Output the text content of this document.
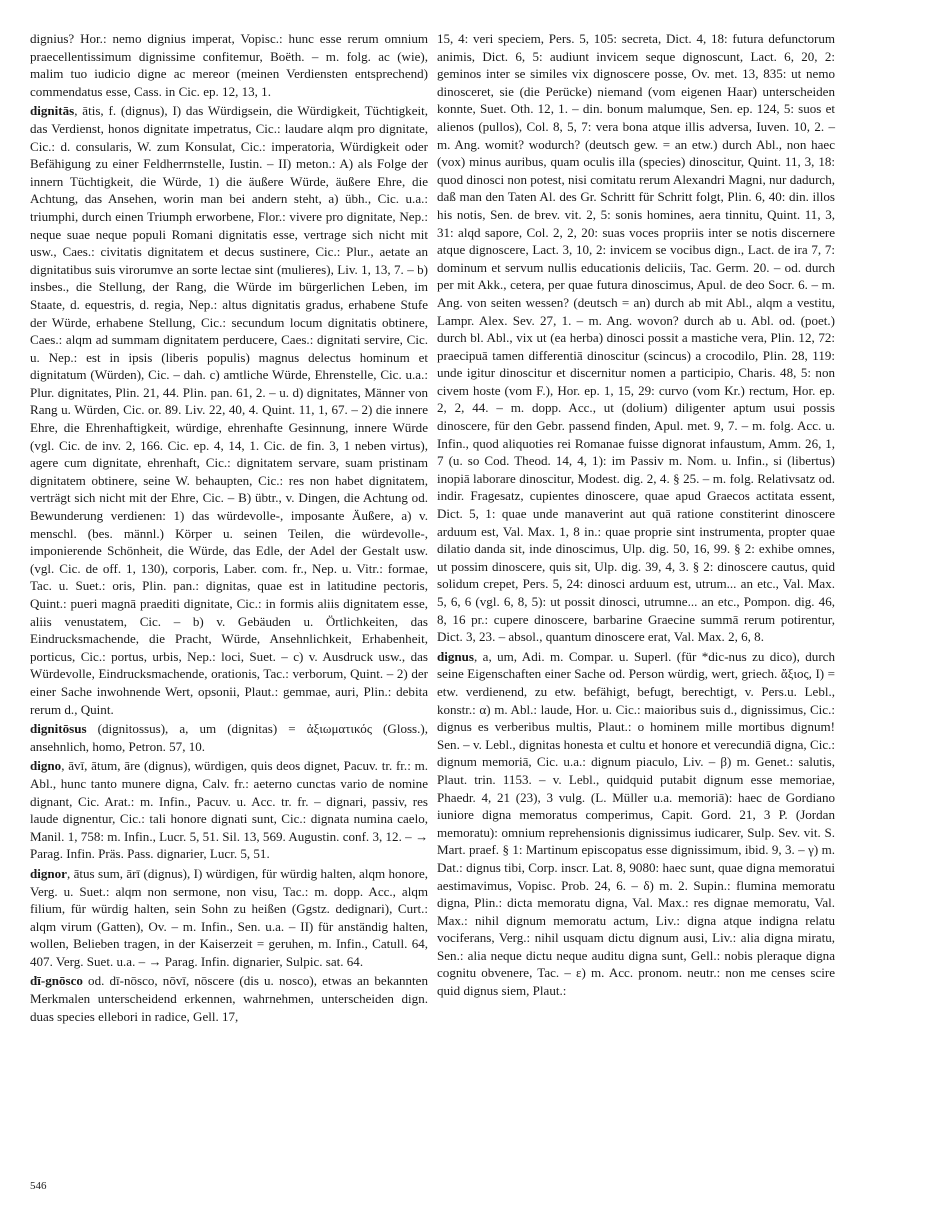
dignius? Hor.: nemo dignius imperat, Vopisc.: hunc esse rerum omnium praecellentissimum dignissime confitemur, Boëth. – m. folg. ac (wie), malim tuo iudicio digne ac mereor (meinen Verdiensten entsprechend) commendatus esse, Cass. in Cic. ep. 12, 13, 1.

dignitās, ātis, f. (dignus), I) das Würdigsein, die Würdigkeit, Tüchtigkeit, das Verdienst, honos dignitate impetratus, Cic.: laudare alqm pro dignitate, Cic.: d. consularis, W. zum Konsulat, Cic.: imperatoria, Würdigkeit oder Befähigung zu einer Feldherrnstelle, Iustin. – II) meton.: A) als Folge der innern Tüchtigkeit, die Würde, 1) die äußere Würde, äußere Ehre, die Achtung, das Ansehen, worin man bei andern steht, a) übh., Cic. u.a.: triumphi, durch einen Triumph erworbene, Flor.: vivere pro dignitate, Nep.: neque suae neque populi Romani dignitatis esse, vertrage sich nicht mit usw., Caes.: civitatis dignitatem et decus sustinere, Cic.: Plur., aetate an dignitatibus suis virorumve an sorte lectae sint (mulieres), Liv. 1, 13, 7. – b) insbes., die Stellung, der Rang, die Würde im bürgerlichen Leben, im Staate, d. equestris, d. regia, Nep.: altus dignitatis gradus, erhabene Stufe der Würde, erhabene Stellung, Cic.: secundum locum dignitatis obtinere, Caes.: alqm ad summam dignitatem perducere, Caes.: dignitati servire, Cic. u. Nep.: est in ipsis (liberis populis) magnus delectus hominum et dignitatum (Würden), Cic. – dah. c) amtliche Würde, Ehrenstelle, Cic. u.a.: Plur. dignitates, Plin. 21, 44. Plin. pan. 61, 2. – u. d) dignitates, Männer von Rang u. Würden, Cic. or. 89. Liv. 22, 40, 4. Quint. 11, 1, 67. – 2) die innere Ehre, die Ehrenhaftigkeit, würdige, ehrenhafte Gesinnung, innere Würde (vgl. Cic. de inv. 2, 166. Cic. ep. 4, 14, 1. Cic. de fin. 3, 1 neben virtus), agere cum dignitate, ehrenhaft, Cic.: dignitatem servare, suam pristinam dignitatem obtinere, seine W. behaupten, Cic.: res non habet dignitatem, verträgt sich nicht mit der Ehre, Cic. – B) übtr., v. Dingen, die Achtung od. Bewunderung verdienen: 1) das würdevolle-, imposante Äußere, a) v. menschl. (bes. männl.) Körper u. seinen Teilen, die würdevolle-, imponierende Schönheit, die Würde, das Edle, der Adel der Gestalt usw. (vgl. Cic. de off. 1, 130), corporis, Laber. com. fr., Nep. u. Vitr.: formae, Tac. u. Suet.: oris, Plin. pan.: dignitas, quae est in latitudine pectoris, Quint.: pueri magnā praediti dignitate, Cic.: in formis aliis dignitatem esse, aliis venustatem, Cic. – b) v. Gebäuden u. Örtlichkeiten, das Eindrucksmachende, die Pracht, Würde, Ansehnlichkeit, Erhabenheit, porticus, Cic.: portus, urbis, Nep.: loci, Suet. – c) v. Ausdruck usw., das Würdevolle, Eindrucksmachende, orationis, Tac.: verborum, Quint. – 2) der einer Sache inwohnende Wert, opsonii, Plaut.: gemmae, auri, Plin.: debita rerum d., Quint.

dignitōsus (dignitossus), a, um (dignitas) = ἀξιωματικός (Gloss.), ansehnlich, homo, Petron. 57, 10.

digno, āvī, ātum, āre (dignus), würdigen, quis deos dignet, Pacuv. tr. fr.: m. Abl., hunc tanto munere digna, Calv. fr.: aeterno cunctas vario de nomine dignant, Cic. Arat.: m. Infin., Pacuv. u. Acc. tr. fr. – dignari, passiv, res laude dignentur, Cic.: tali honore dignati sunt, Cic.: dignata numina caelo, Manil. 1, 758: m. Infin., Lucr. 5, 51. Sil. 13, 569. Augustin. conf. 3, 12. – → Parag. Infin. Präs. Pass. dignarier, Lucr. 5, 51.

dignor, ātus sum, ārī (dignus), I) würdigen, für würdig halten, alqm honore, Verg. u. Suet.: alqm non sermone, non visu, Tac.: m. dopp. Acc., alqm filium, für würdig halten, sein Sohn zu heißen (Ggstz. dedignari), Curt.: alqm virum (Gatten), Ov. – m. Infin., Sen. u.a. – II) für anständig halten, wollen, Belieben tragen, in der Kaiserzeit = geruhen, m. Infin., Catull. 64, 407. Verg. Suet. u.a. – → Parag. Infin. dignarier, Sulpic. sat. 64.

dī-gnōsco od. dī-nōsco, nōvī, nōscere (dis u. nosco), etwas an bekannten Merkmalen unterscheidend erkennen, wahrnehmen, unterscheiden dign. duas species ellebori in radice, Gell. 17,

15, 4: veri speciem, Pers. 5, 105: secreta, Dict. 4, 18: futura defunctorum animis, Dict. 6, 5: audiunt invicem seque dignoscunt, Lact. 6, 20, 2: geminos inter se similes vix dignoscere posse, Ov. met. 13, 835: ut nemo dinosceret, sie (die Perücke) niemand (vom eigenen Haar) unterscheiden konnte, Suet. Oth. 12, 1. – din. bonum malumque, Sen. ep. 124, 5: suos et alienos (pullos), Col. 8, 5, 7: vera bona atque illis adversa, Iuven. 10, 2. – m. Ang. womit? wodurch? (deutsch gew. = an etw.) durch Abl., non haec (vox) minus auribus, quam oculis illa (species) dinoscitur, Quint. 11, 3, 18: quod dinosci non potest, nisi comitatu rerum Alexandri Magni, nur dadurch, daß man den Taten Al. des Gr. Schritt für Schritt folgt, Plin. 6, 40: din. illos his notis, Sen. de brev. vit. 2, 5: sonis homines, aera tinnitu, Quint. 11, 3, 31: alqd sapore, Col. 2, 2, 20: suas voces propriis inter se notis discernere atque dignoscere, Lact. 3, 10, 2: invicem se vocibus dign., Lact. de ira 7, 7: dominum et servum nullis educationis deliciis, Tac. Germ. 20. – od. durch per mit Akk., cetera, per quae futura dinoscimus, Apul. de deo Socr. 6. – m. Ang. von seiten wessen? (deutsch = an) durch ab mit Abl., alqm a vestitu, Lampr. Alex. Sev. 27, 1. – m. Ang. wovon? durch ab u. Abl. od. (poet.) durch bl. Abl., vix ut (ea herba) dinosci possit a mastiche vera, Plin. 12, 72: praecipuā tamen differentiā dinoscitur (scincus) a crocodilo, Plin. 28, 119: unde igitur dinoscitur et discernitur nomen a participio, Charis. 48, 5: non civem hoste (vom F.), Hor. ep. 1, 15, 29: curvo (vom Kr.) rectum, Hor. ep. 2, 2, 44. – m. dopp. Acc., ut (dolium) diligenter aptum usui possis dinoscere, für den Gebr. passend finden, Apul. met. 9, 7. – m. folg. Acc. u. Infin., quod aliquoties rei Romanae fuisse dignorat infaustum, Amm. 26, 1, 7 (u. so Cod. Theod. 14, 4, 1): im Passiv m. Nom. u. Infin., si (libertus) inopiā laborare dinoscitur, Modest. dig. 2, 4. § 25. – m. folg. Relativsatz od. indir. Fragesatz, cupientes dinoscere, quae apud Graecos actitata essent, Dict. 5, 1: quae unde manaverint aut quā ratione constiterint dinoscere arduum est, Val. Max. 1, 8 in.: quae proprie sint instrumenta, propter quae dilatio danda sit, inde dinoscimus, Ulp. dig. 50, 16, 99. § 2: exhibe omnes, ut possim dinoscere, quis sit, Ulp. dig. 39, 4, 3. § 2: dinoscere cautus, quid solidum crepet, Pers. 5, 24: dinosci arduum est, utrum... an etc., Val. Max. 5, 6, 6 (vgl. 6, 8, 5): ut possit dinosci, utrumne... an etc., Pompon. dig. 46, 8, 16 pr.: cupere dinoscere, barbarine Graecine summā rerum potirentur, Dict. 3, 23. – absol., quantum dinoscere erat, Val. Max. 2, 6, 8.

dignus, a, um, Adi. m. Compar. u. Superl. (für *dic-nus zu dico), durch seine Eigenschaften einer Sache od. Person würdig, wert, griech. ἄξιος, I) = etw. verdienend, zu etw. befähigt, befugt, berechtigt, v. Pers.u. Lebl., konstr.: α) m. Abl.: laude, Hor. u. Cic.: maioribus suis d., dignissimus, Cic.: dignus es verberibus multis, Plaut.: o hominem mille mortibus dignum! Sen. – v. Lebl., dignitas honesta et cultu et honore et verecundiā digna, Cic.: dignum memoriā, Cic. u.a.: dignum piaculo, Liv. – β) m. Genet.: salutis, Plaut. trin. 1153. – v. Lebl., quidquid putabit dignum esse memoriae, Phaedr. 4, 21 (23), 3 vulg. (L. Müller u.a. memoriā): haec de Gordiano iuniore digna memoratus comperimus, Capit. Gord. 21, 3 P. (Jordan memoratu): omnium reprehensionis dignissimus iudicarer, Sulp. Sev. vit. S. Mart. praef. § 1: Martinum episcopatus esse dignissimum, ibid. 9, 3. – γ) m. Dat.: dignus tibi, Corp. inscr. Lat. 8, 9080: haec sunt, quae digna memoratui aestimavimus, Vopisc. Prob. 24, 6. – δ) m. 2. Supin.: flumina memoratu digna, Plin.: dicta memoratu digna, Val. Max.: res dignae memoratu, Val. Max.: nihil dignum memoratu actum, Liv.: digna atque indigna relatu vociferans, Verg.: nihil usquam dictu dignum ausi, Liv.: alia digna miratu, Sen.: alia neque dictu neque auditu digna sunt, Gell.: nobis pleraque digna cognitu obvenere, Tac. – ε) m. Acc. pronom. neutr.: non me censes scire quid dignus siem, Plaut.:

546
